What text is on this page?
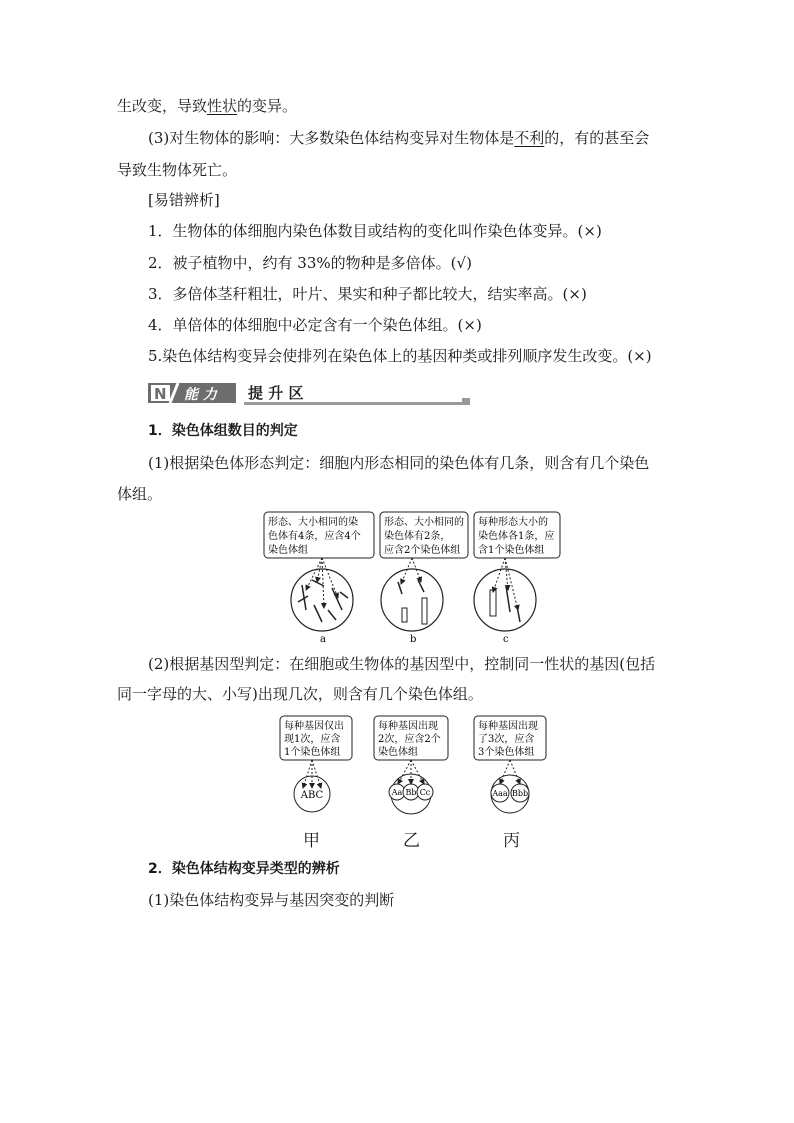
生改变，导致性状的变异。
(3)对生物体的影响：大多数染色体结构变异对生物体是不利的，有的甚至会
导致生物体死亡。
[易错辨析]
1．生物体的体细胞内染色体数目或结构的变化叫作染色体变异。(×)
2．被子植物中，约有 33%的物种是多倍体。(√)
3．多倍体茎秆粗壮，叶片、果实和种子都比较大，结实率高。(×)
4．单倍体的体细胞中必定含有一个染色体组。(×)
5.染色体结构变异会使排列在染色体上的基因种类或排列顺序发生改变。(×)
N 能 力 提 升 区
1．染色体组数目的判定
(1)根据染色体形态判定：细胞内形态相同的染色体有几条，则含有几个染色
体组。
形态、大小相同的染
色体有4条，应含4个
染色体组
形态、大小相同的
染色体有2条，
应含2个染色体组
每种形态大小的
染色体各1条，应
含1个染色体组
a	b	c
(2)根据基因型判定：在细胞或生物体的基因型中，控制同一性状的基因(包括
同一字母的大、小写)出现几次，则含有几个染色体组。
每种基因仅出
现1次，应含
1个染色体组
每种基因出现
2次，应含2个
染色体组
每种基因出现
了3次，应含
3个染色体组
ABC	Aa Bb Cc	Aaa Bbb
甲	乙	丙
2．染色体结构变异类型的辨析
(1)染色体结构变异与基因突变的判断
